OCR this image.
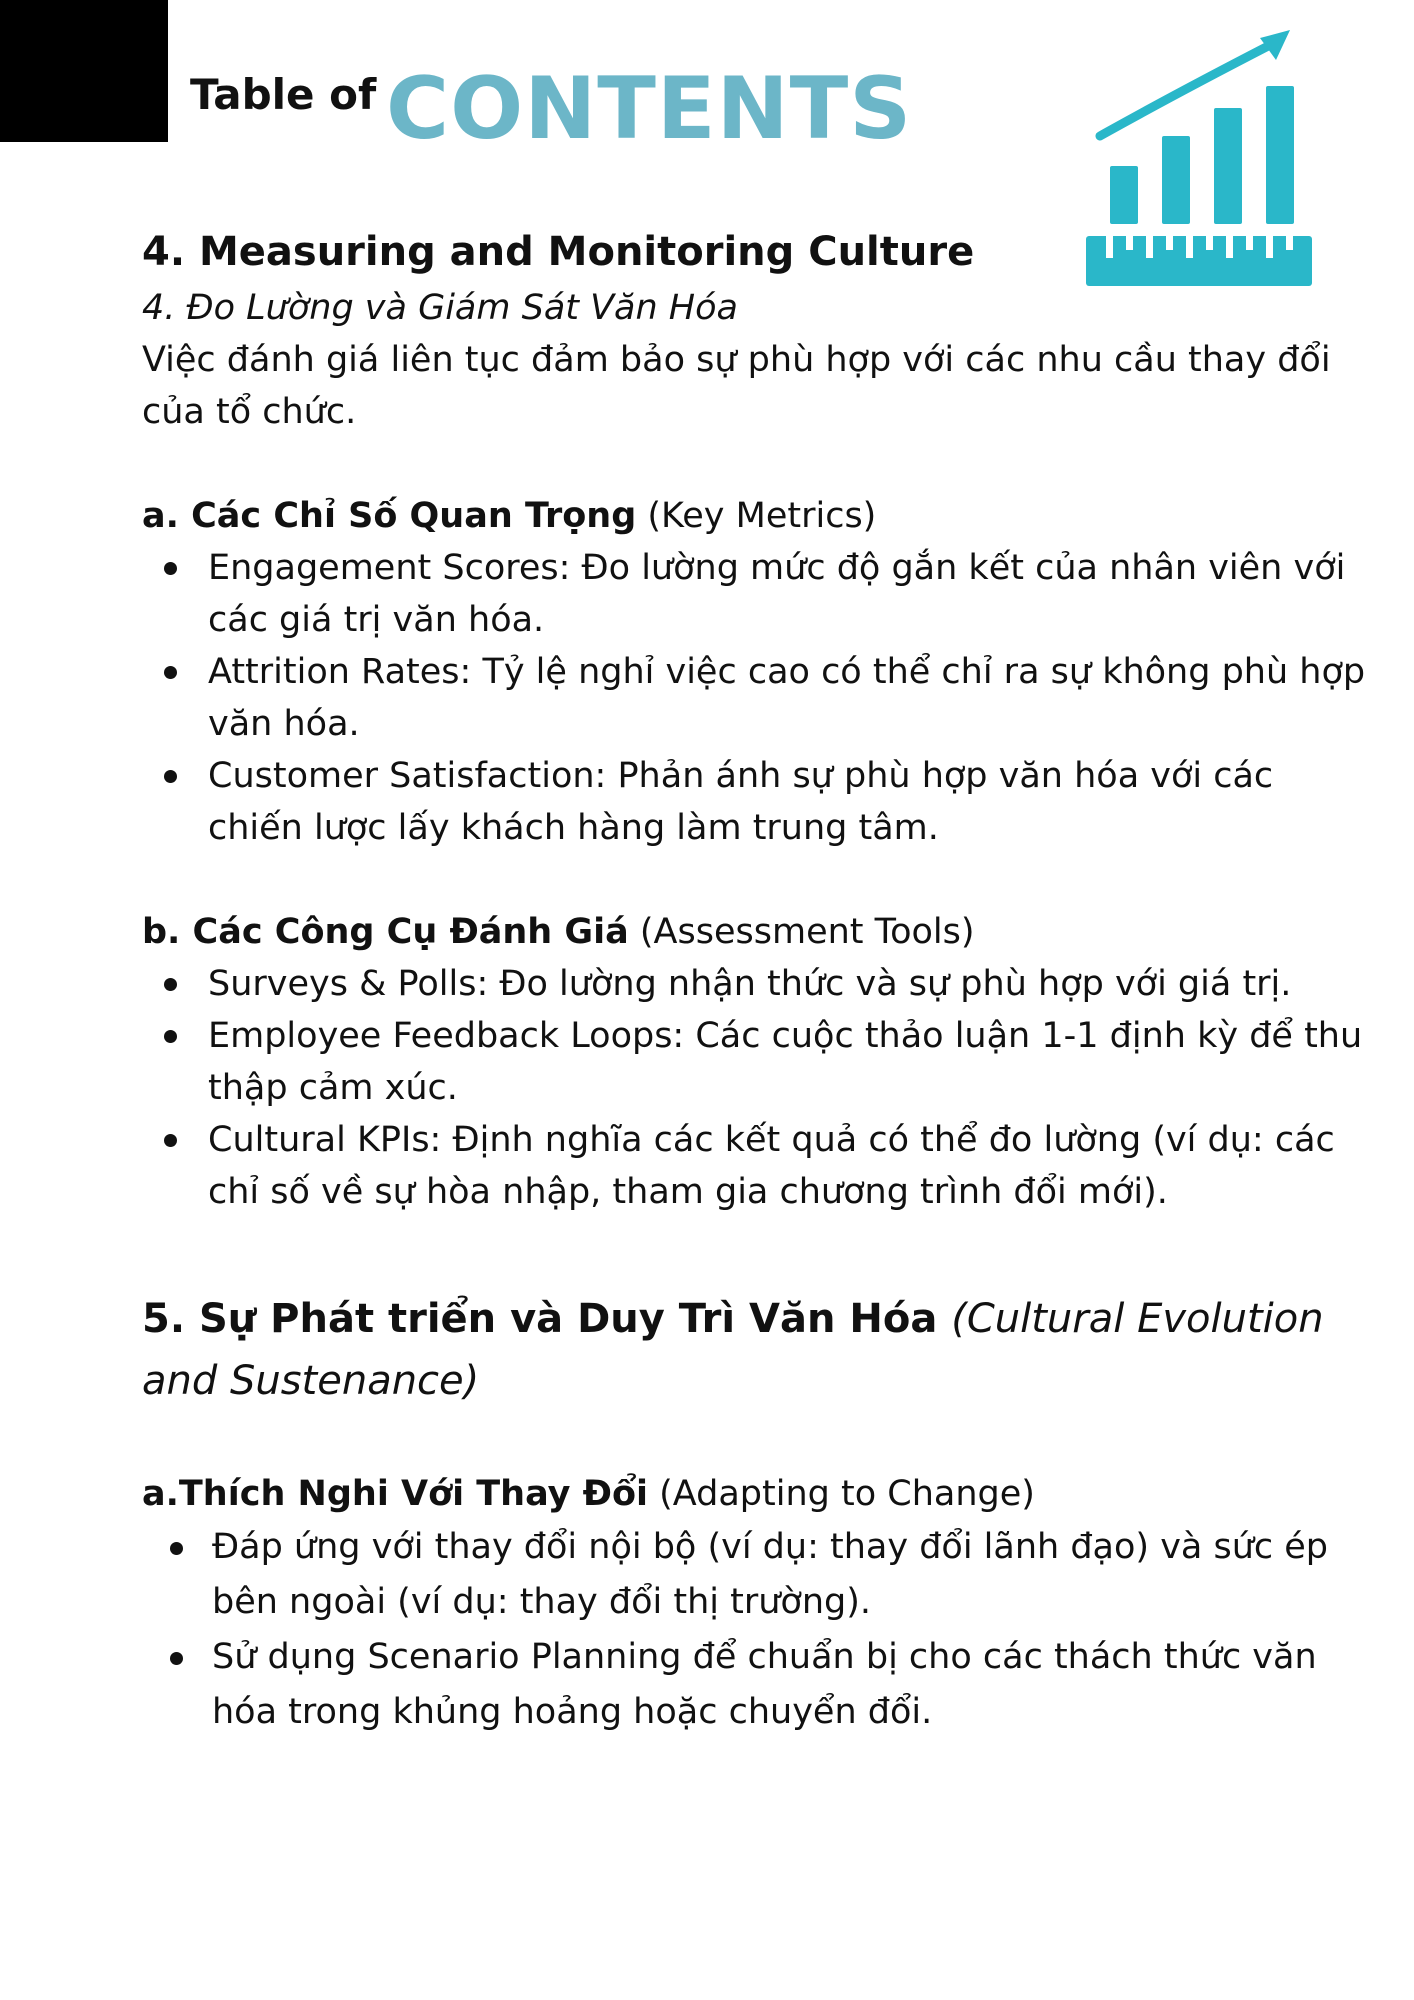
Table of CONTENTS
4. Measuring and Monitoring Culture
4. Đo Lường và Giám Sát Văn Hóa
Việc đánh giá liên tục đảm bảo sự phù hợp với các nhu cầu thay đổi của tổ chức.
a. Các Chỉ Số Quan Trọng (Key Metrics)
Engagement Scores: Đo lường mức độ gắn kết của nhân viên với các giá trị văn hóa.
Attrition Rates: Tỷ lệ nghỉ việc cao có thể chỉ ra sự không phù hợp văn hóa.
Customer Satisfaction: Phản ánh sự phù hợp văn hóa với các chiến lược lấy khách hàng làm trung tâm.
b. Các Công Cụ Đánh Giá (Assessment Tools)
Surveys & Polls: Đo lường nhận thức và sự phù hợp với giá trị.
Employee Feedback Loops: Các cuộc thảo luận 1-1 định kỳ để thu thập cảm xúc.
Cultural KPIs: Định nghĩa các kết quả có thể đo lường (ví dụ: các chỉ số về sự hòa nhập, tham gia chương trình đổi mới).
5. Sự Phát triển và Duy Trì Văn Hóa (Cultural Evolution and Sustenance)
a.Thích Nghi Với Thay Đổi (Adapting to Change)
Đáp ứng với thay đổi nội bộ (ví dụ: thay đổi lãnh đạo) và sức ép bên ngoài (ví dụ: thay đổi thị trường).
Sử dụng Scenario Planning để chuẩn bị cho các thách thức văn hóa trong khủng hoảng hoặc chuyển đổi.
